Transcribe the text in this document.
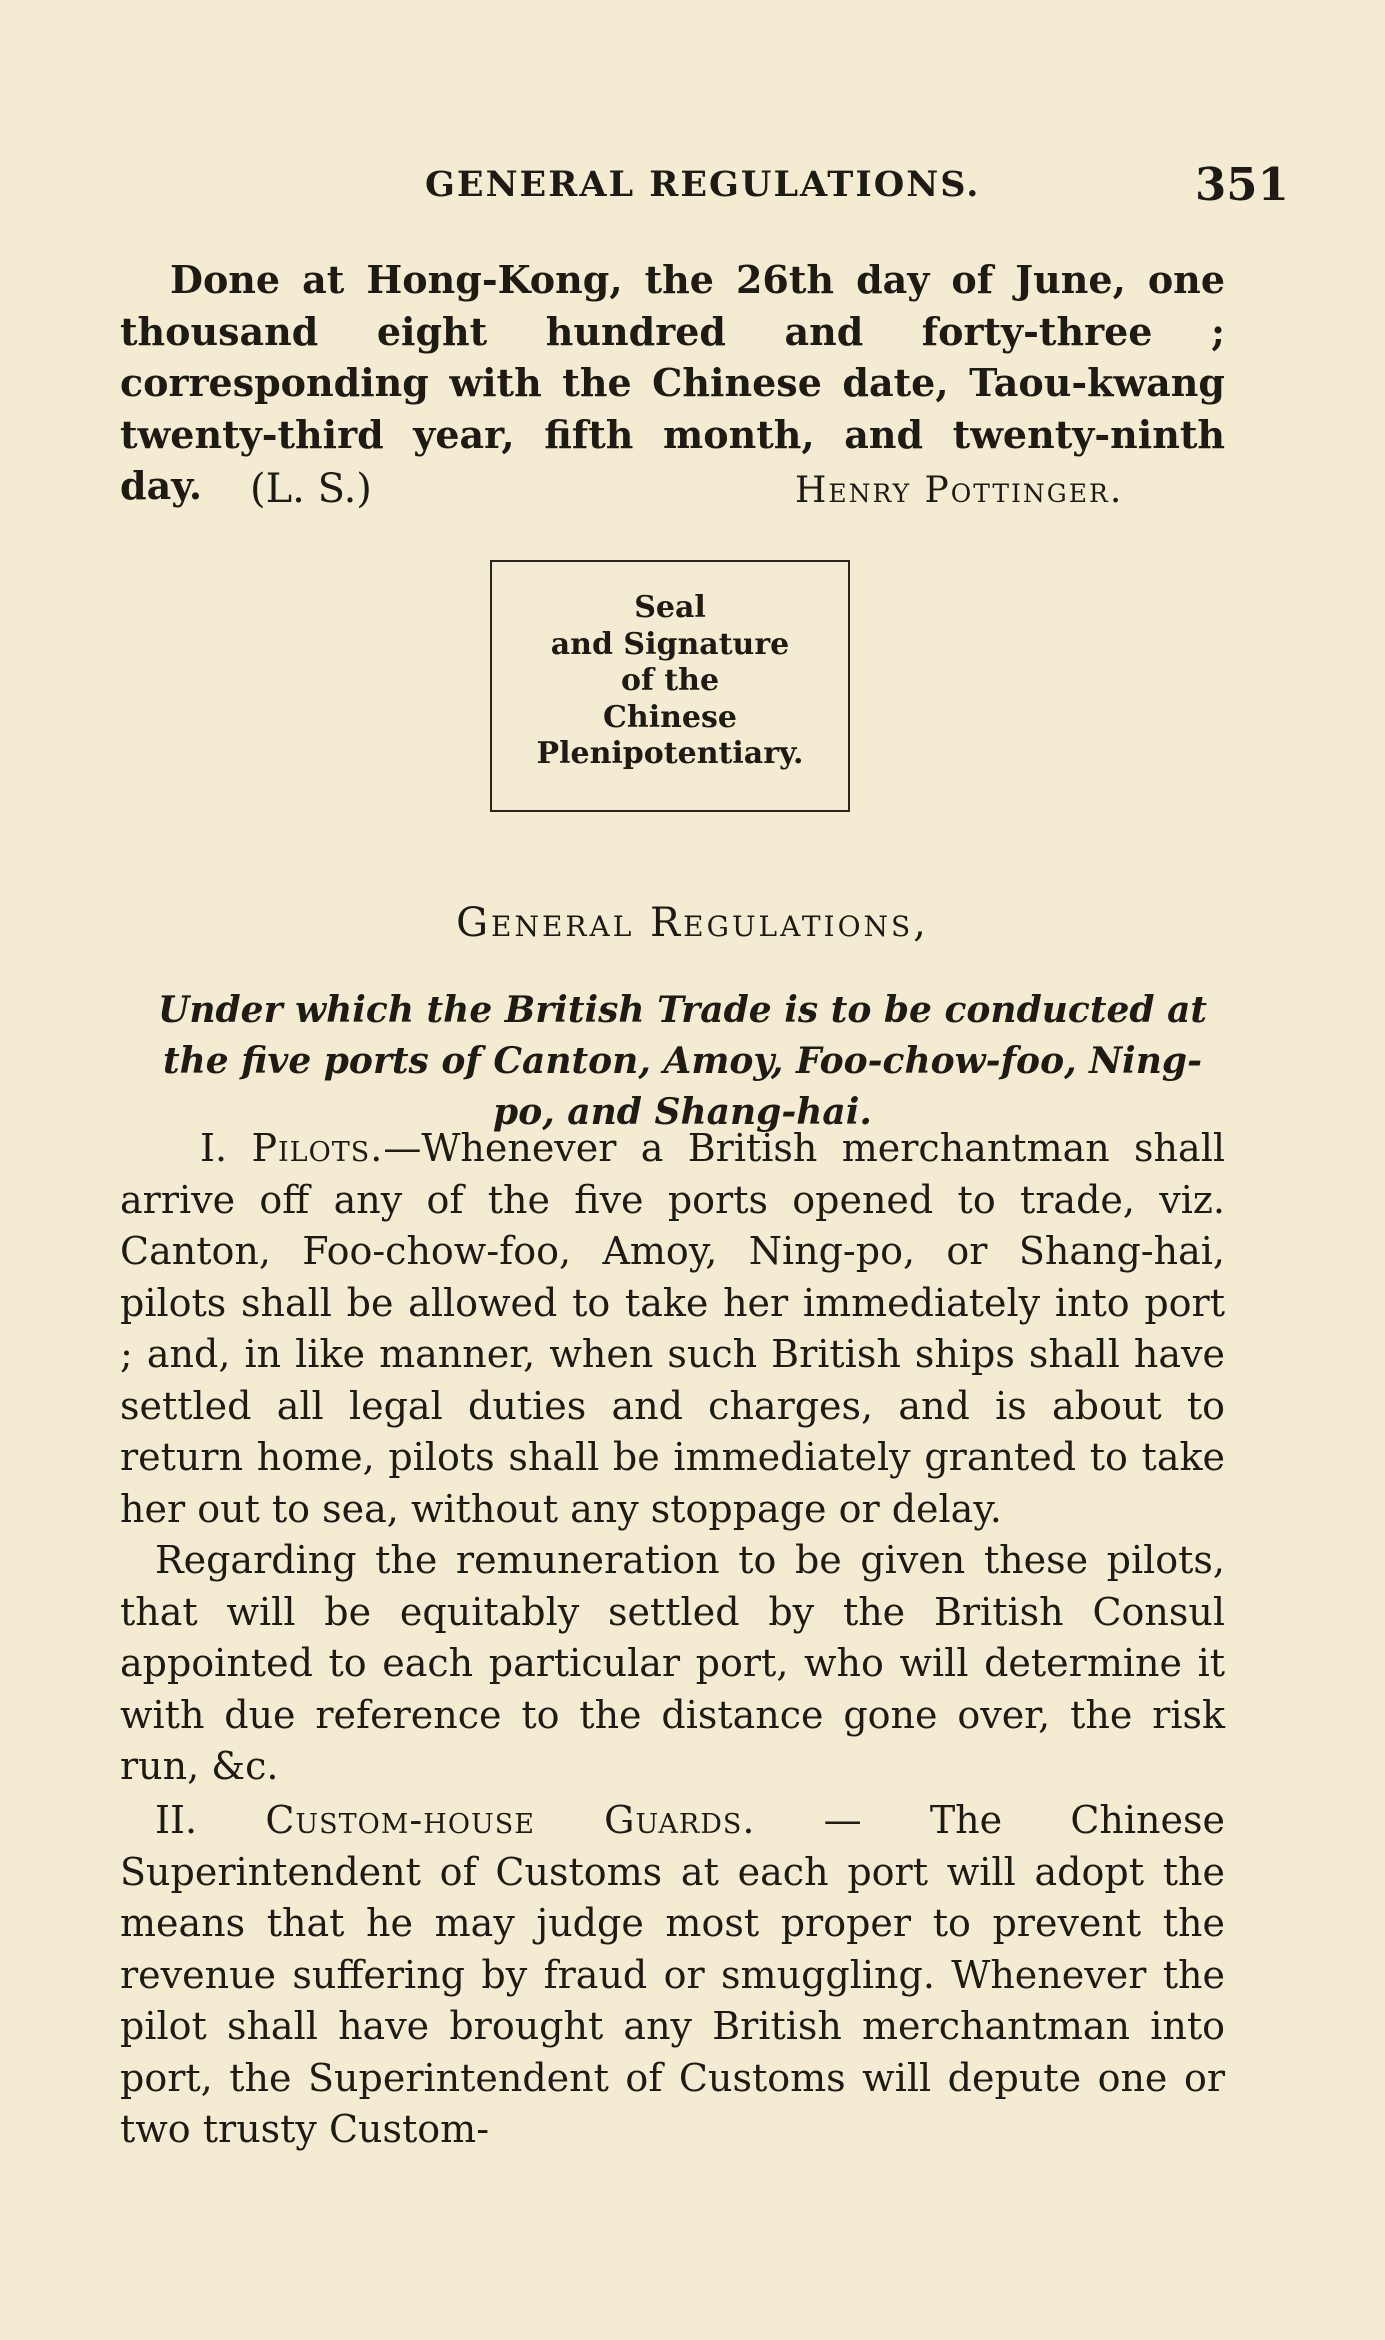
GENERAL REGULATIONS.	351

Done at Hong-Kong, the 26th day of June, one thousand eight hundred and forty-three ; corresponding with the Chinese date, Taou-kwang twenty-third year, fifth month, and twenty-ninth day.	(L. S.)	Henry Pottinger.
Seal
and Signature
of the
Chinese
Plenipotentiary.
General Regulations,

Under which the British Trade is to be conducted at the five ports of Canton, Amoy, Foo-chow-foo, Ning-po, and Shang-hai.

I. Pilots.—Whenever a British merchantman shall arrive off any of the five ports opened to trade, viz. Canton, Foo-chow-foo, Amoy, Ning-po, or Shang-hai, pilots shall be allowed to take her immediately into port ; and, in like manner, when such British ships shall have settled all legal duties and charges, and is about to return home, pilots shall be immediately granted to take her out to sea, without any stoppage or delay.

Regarding the remuneration to be given these pilots, that will be equitably settled by the British Consul appointed to each particular port, who will determine it with due reference to the distance gone over, the risk run, &c.

II. Custom-house Guards. — The Chinese Superintendent of Customs at each port will adopt the means that he may judge most proper to prevent the revenue suffering by fraud or smuggling. Whenever the pilot shall have brought any British merchantman into port, the Superintendent of Customs will depute one or two trusty Custom-
